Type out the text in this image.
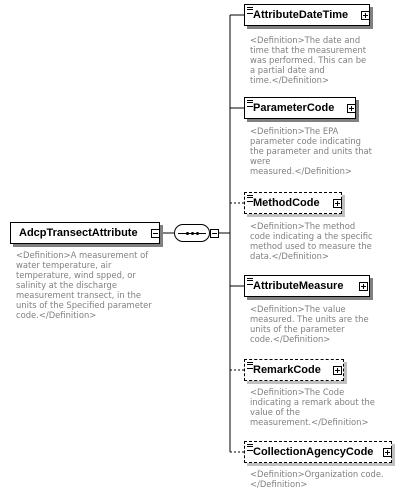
AdcpTransectAttribute
<Definition>A measurement of
water temperature, air
temperature, wind spped, or
salinity at the discharge
measurement transect, in the
units of the Specified parameter
code.</Definition>
AttributeDateTime
<Definition>The date and
time that the measurement
was performed. This can be
a partial date and
time.</Definition>
ParameterCode
<Definition>The EPA
parameter code indicating
the parameter and units that
were
measured.</Definition>
MethodCode
<Definition>The method
code indicating a the specific
method used to measure the
data.</Definition>
AttributeMeasure
<Definition>The value
measured. The units are the
units of the parameter
code.</Definition>
RemarkCode
<Definition>The Code
indicating a remark about the
value of the
measurement.</Definition>
CollectionAgencyCode
<Definition>Organization code.
</Definition>
